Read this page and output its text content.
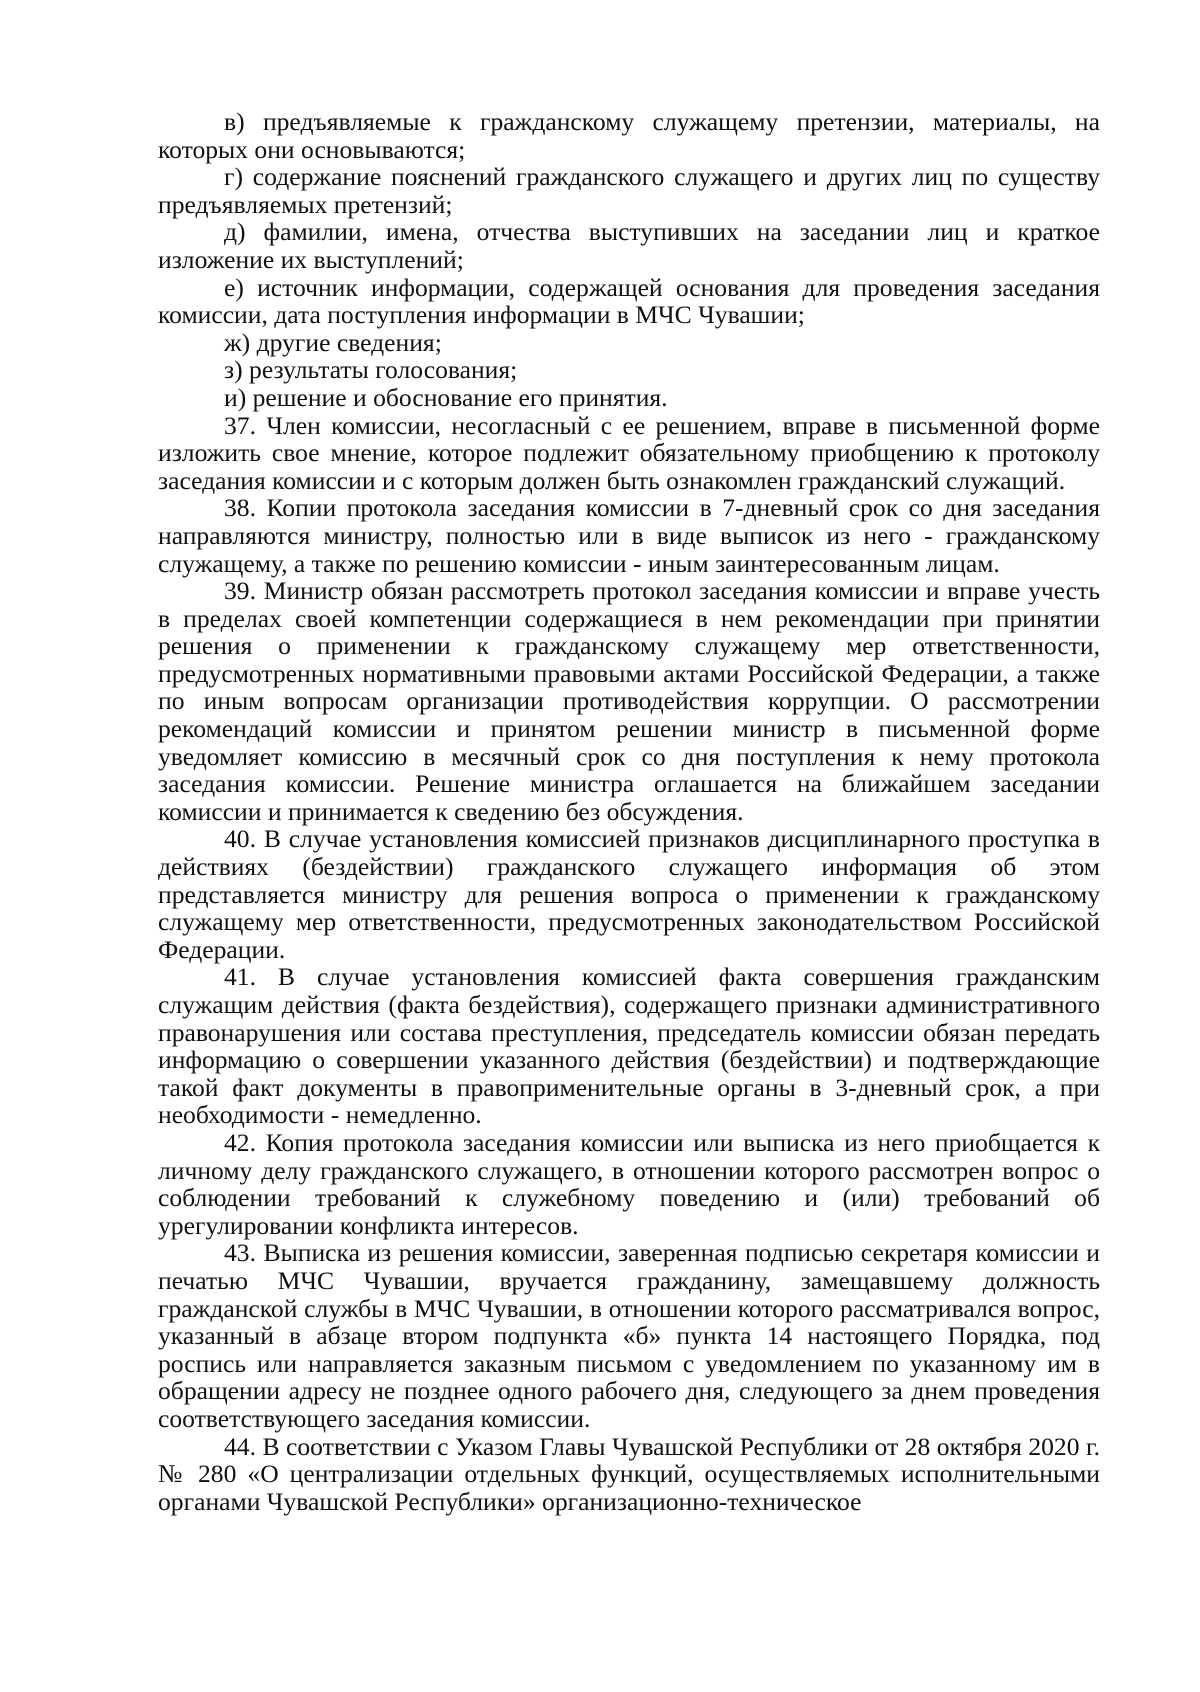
в) предъявляемые к гражданскому служащему претензии, материалы, на которых они основываются;

г) содержание пояснений гражданского служащего и других лиц по существу предъявляемых претензий;

д) фамилии, имена, отчества выступивших на заседании лиц и краткое изложение их выступлений;

е) источник информации, содержащей основания для проведения заседания комиссии, дата поступления информации в МЧС Чувашии;

ж) другие сведения;

з) результаты голосования;

и) решение и обоснование его принятия.

37. Член комиссии, несогласный с ее решением, вправе в письменной форме изложить свое мнение, которое подлежит обязательному приобщению к протоколу заседания комиссии и с которым должен быть ознакомлен гражданский служащий.

38. Копии протокола заседания комиссии в 7-дневный срок со дня заседания направляются министру, полностью или в виде выписок из него - гражданскому служащему, а также по решению комиссии - иным заинтересованным лицам.

39. Министр обязан рассмотреть протокол заседания комиссии и вправе учесть в пределах своей компетенции содержащиеся в нем рекомендации при принятии решения о применении к гражданскому служащему мер ответственности, предусмотренных нормативными правовыми актами Российской Федерации, а также по иным вопросам организации противодействия коррупции. О рассмотрении рекомендаций комиссии и принятом решении министр в письменной форме уведомляет комиссию в месячный срок со дня поступления к нему протокола заседания комиссии. Решение министра оглашается на ближайшем заседании комиссии и принимается к сведению без обсуждения.

40. В случае установления комиссией признаков дисциплинарного проступка в действиях (бездействии) гражданского служащего информация об этом представляется министру для решения вопроса о применении к гражданскому служащему мер ответственности, предусмотренных законодательством Российской Федерации.

41. В случае установления комиссией факта совершения гражданским служащим действия (факта бездействия), содержащего признаки административного правонарушения или состава преступления, председатель комиссии обязан передать информацию о совершении указанного действия (бездействии) и подтверждающие такой факт документы в правоприменительные органы в 3-дневный срок, а при необходимости - немедленно.

42. Копия протокола заседания комиссии или выписка из него приобщается к личному делу гражданского служащего, в отношении которого рассмотрен вопрос о соблюдении требований к служебному поведению и (или) требований об урегулировании конфликта интересов.

43. Выписка из решения комиссии, заверенная подписью секретаря комиссии и печатью МЧС Чувашии, вручается гражданину, замещавшему должность гражданской службы в МЧС Чувашии, в отношении которого рассматривался вопрос, указанный в абзаце втором подпункта «б» пункта 14 настоящего Порядка, под роспись или направляется заказным письмом с уведомлением по указанному им в обращении адресу не позднее одного рабочего дня, следующего за днем проведения соответствующего заседания комиссии.

44. В соответствии с Указом Главы Чувашской Республики от 28 октября 2020 г. № 280 «О централизации отдельных функций, осуществляемых исполнительными органами Чувашской Республики» организационно-техническое
